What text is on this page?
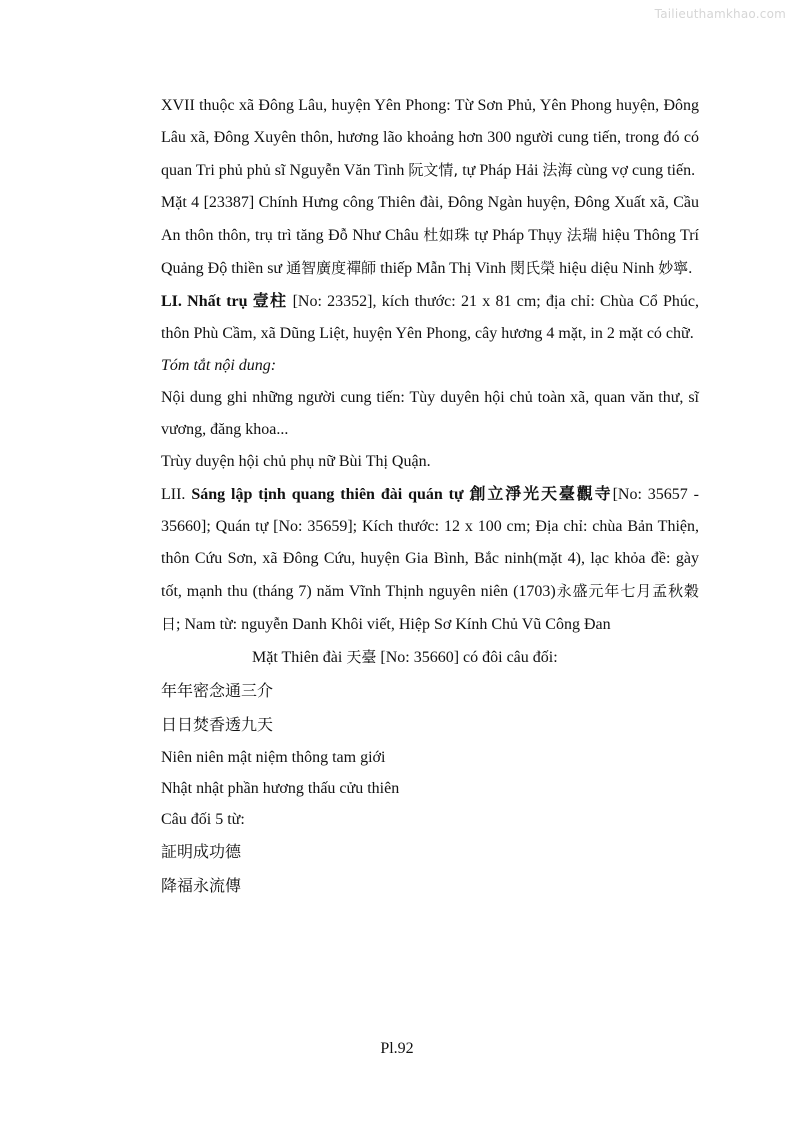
Tailieuthamkhao.com

XVII thuộc xã Đông Lâu, huyện Yên Phong: Từ Sơn Phủ, Yên Phong huyện, Đông Lâu xã, Đông Xuyên thôn, hương lão khoảng hơn 300 người cung tiến, trong đó có quan Tri phủ phủ sĩ Nguyễn Văn Tình 阮文情, tự Pháp Hải 法海 cùng vợ cung tiến.

Mặt 4 [23387] Chính Hưng công Thiên đài, Đông Ngàn huyện, Đông Xuất xã, Cầu An thôn thôn, trụ trì tăng Đỗ Như Châu 杜如珠 tự Pháp Thụy 法瑞 hiệu Thông Trí Quảng Độ thiền sư 通智廣度禪師 thiếp Mẫn Thị Vinh 閔氏榮 hiệu diệu Ninh 妙寧.

LI. Nhất trụ 壹柱 [No: 23352], kích thước: 21 x 81 cm; địa chỉ: Chùa Cổ Phúc, thôn Phù Cầm, xã Dũng Liệt, huyện Yên Phong, cây hương 4 mặt, in 2 mặt có chữ.

Tóm tắt nội dung:

Nội dung ghi những người cung tiến: Tùy duyên hội chủ toàn xã, quan văn thư, sĩ vương, đăng khoa...

Trùy duyện hội chủ phụ nữ Bùi Thị Quận.

LII. Sáng lập tịnh quang thiên đài quán tự 創立淨光天臺觀寺[No: 35657 - 35660]; Quán tự [No: 35659]; Kích thước: 12 x 100 cm; Địa chỉ: chùa Bản Thiện, thôn Cứu Sơn, xã Đông Cứu, huyện Gia Bình, Bắc ninh(mặt 4), lạc khỏa đề: gày tốt, mạnh thu (tháng 7) năm Vĩnh Thịnh nguyên niên (1703)永盛元年七月孟秋穀日; Nam từ: nguyễn Danh Khôi viết, Hiệp Sơ Kính Chủ Vũ Công Đan

Mặt Thiên đài 天臺 [No: 35660] có đôi câu đối:

年年密念通三介

日日焚香透九天

Niên niên mật niệm thông tam giới

Nhật nhật phần hương thấu cửu thiên

Câu đối 5 từ:

証明成功德

降福永流傳

Pl.92
